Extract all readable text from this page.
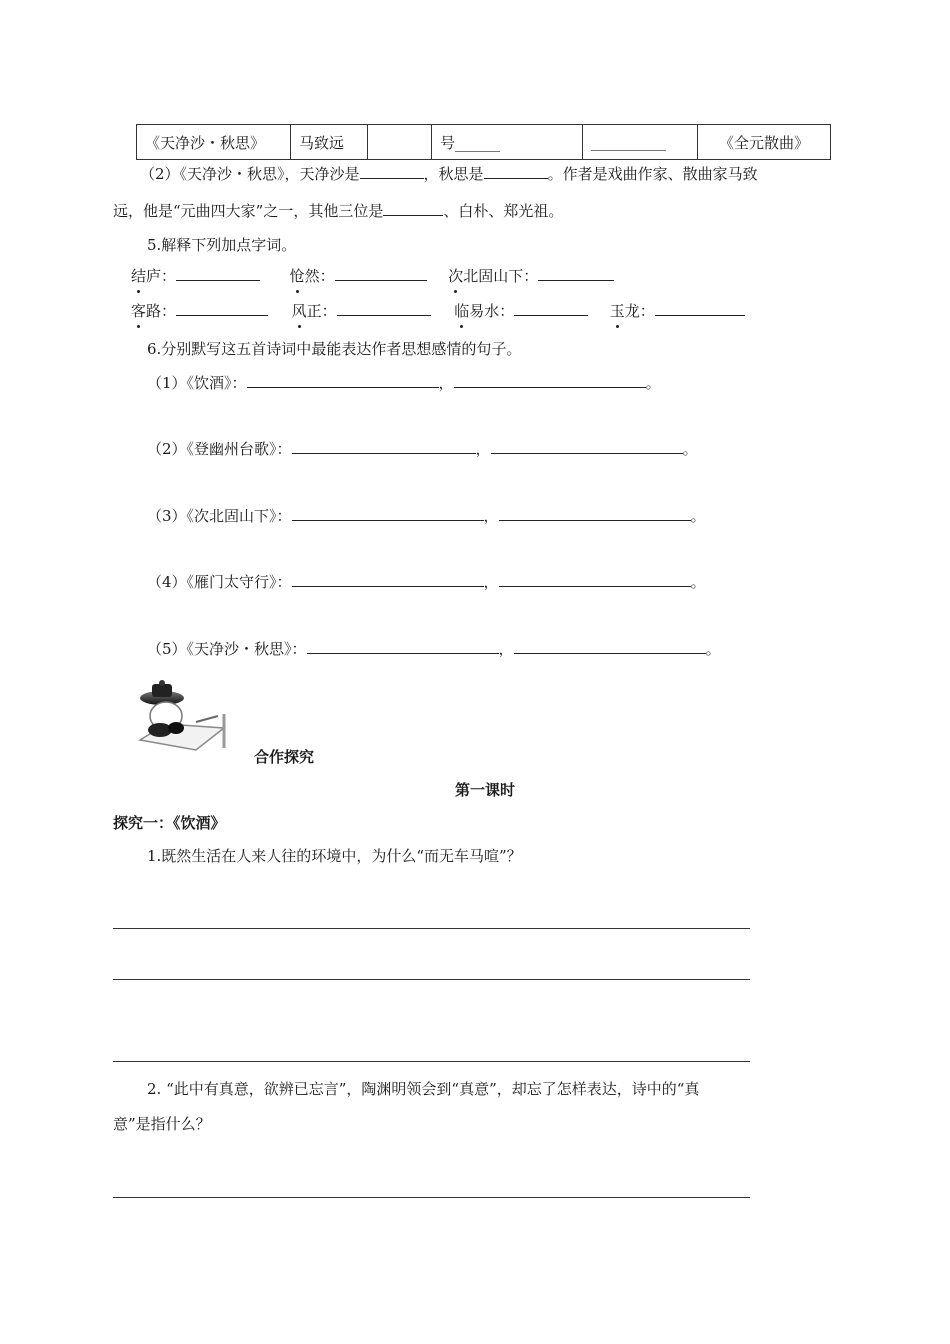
《天净沙・秋思》	马致远		号______	__________	《全元散曲》
（2）《天净沙・秋思》，天净沙是	，秋思是	。作者是戏曲作家、散曲家马致
远，他是“元曲四大家”之一，其他三位是	、白朴、郑光祖。
5.解释下列加点字词。
结庐：	怆然：	次北固山下：
客路：	风正：	临易水：	玉龙：
6.分别默写这五首诗词中最能表达作者思想感情的句子。
（1）《饮酒》：	，	。
（2）《登幽州台歌》：	，	。
（3）《次北固山下》：	，	。
（4）《雁门太守行》：	，	。
（5）《天净沙・秋思》：	，	。
合作探究
第一课时
探究一：《饮酒》
1.既然生活在人来人往的环境中，为什么“而无车马喧”？
2. “此中有真意，欲辨已忘言”，陶渊明领会到“真意”，却忘了怎样表达，诗中的“真
意”是指什么？
